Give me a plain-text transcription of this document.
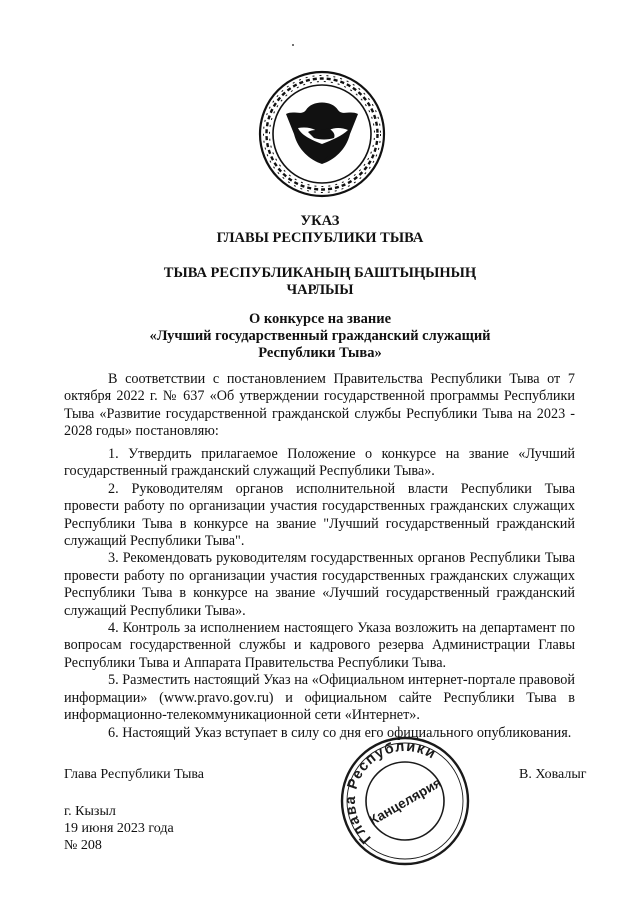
УКАЗ
ГЛАВЫ РЕСПУБЛИКИ ТЫВА
ТЫВА РЕСПУБЛИКАНЫҢ БАШТЫҢЫНЫҢ
ЧАРЛЫЫ
О конкурсе на звание
«Лучший государственный гражданский служащий
Республики Тыва»

В соответствии с постановлением Правительства Республики Тыва от 7 октября 2022 г. № 637 «Об утверждении государственной программы Республики Тыва «Развитие государственной гражданской службы Республики Тыва на 2023 - 2028 годы» постановляю:

1. Утвердить прилагаемое Положение о конкурсе на звание «Лучший государственный гражданский служащий Республики Тыва».

2. Руководителям органов исполнительной власти Республики Тыва провести работу по организации участия государственных гражданских служащих Республики Тыва в конкурсе на звание "Лучший государственный гражданский служащий Республики Тыва".

3. Рекомендовать руководителям государственных органов Республики Тыва провести работу по организации участия государственных гражданских служащих Республики Тыва в конкурсе на звание «Лучший государственный гражданский служащий Республики Тыва».

4. Контроль за исполнением настоящего Указа возложить на департамент по вопросам государственной службы и кадрового резерва Администрации Главы Республики Тыва и Аппарата Правительства Республики Тыва.

5. Разместить настоящий Указ на «Официальном интернет-портале правовой информации» (www.pravo.gov.ru) и официальном сайте Республики Тыва в информационно-телекоммуникационной сети «Интернет».

6. Настоящий Указ вступает в силу со дня его официального опубликования.

Глава Республики Тыва	В. Ховалыг
г. Кызыл
19 июня 2023 года
№ 208	Глава Республики
Канцелярия
